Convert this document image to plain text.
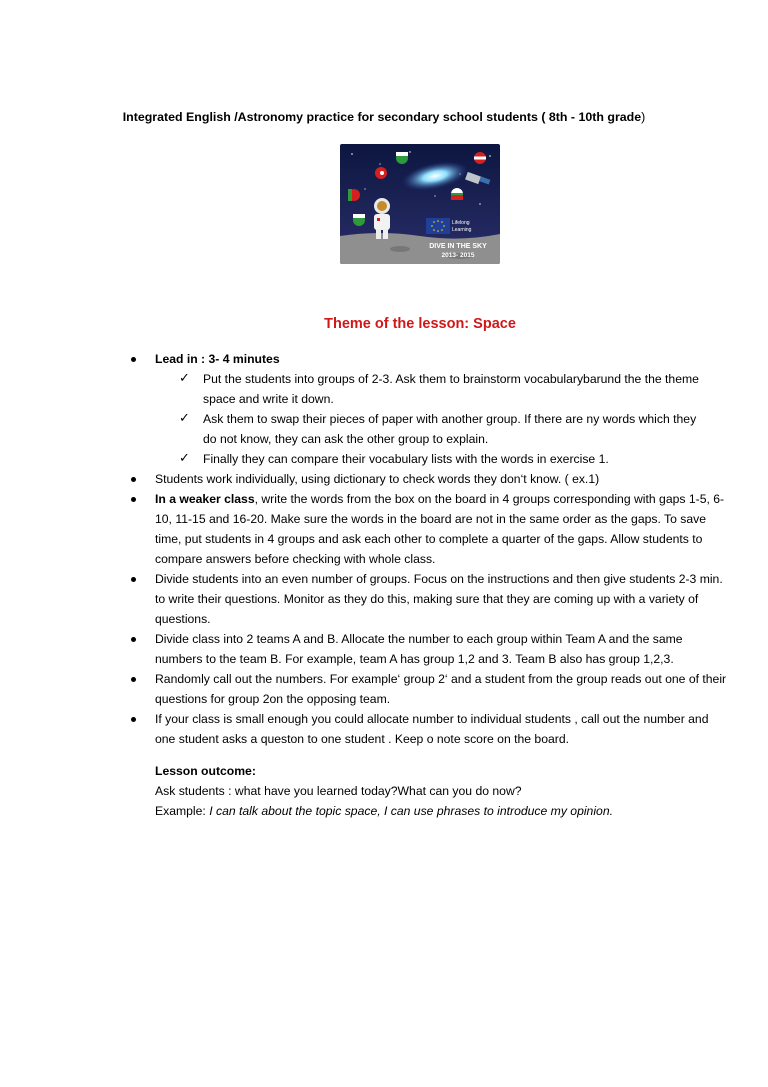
Integrated English /Astronomy practice for secondary school students ( 8th - 10th grade)
Lifelong
Learning
DIVE IN THE SKY
2013- 2015
Theme of the lesson: Space
Lead in : 3- 4 minutes
✓ Put the students into groups of 2-3. Ask them to brainstorm vocabularybarund the the theme space and write it down.
✓ Ask them to swap their pieces of paper with another group. If there are ny words which they do not know, they can ask the other group to explain.
✓ Finally they can compare their vocabulary lists with the words in exercise 1.
Students work individually, using dictionary to check words they don‘t know. ( ex.1)
In a weaker class, write the words from the box on the board in 4 groups corresponding with gaps 1-5, 6-10, 11-15 and 16-20. Make sure the words in the board are not in the same order as the gaps. To save time, put students in 4 groups and ask each other to complete a quarter of the gaps. Allow students to compare answers before checking with whole class.
Divide students into an even number of groups. Focus on the instructions and then give students 2-3 min. to write their questions. Monitor as they do this, making sure that they are coming up with a variety of questions.
Divide class into 2 teams A and B. Allocate the number to each group within Team A and the same numbers to the team B. For example, team A has group 1,2 and 3. Team B also has group 1,2,3.
Randomly call out the numbers. For example‘ group 2‘ and a student from the group reads out one of their questions for group 2on the opposing team.
If your class is small enough you could allocate number to individual students , call out the number and one student asks a queston to one student . Keep o note score on the board.
Lesson outcome:
Ask students : what have you learned today?What can you do now?
Example: I can talk about the topic space, I can use phrases to introduce my opinion.
